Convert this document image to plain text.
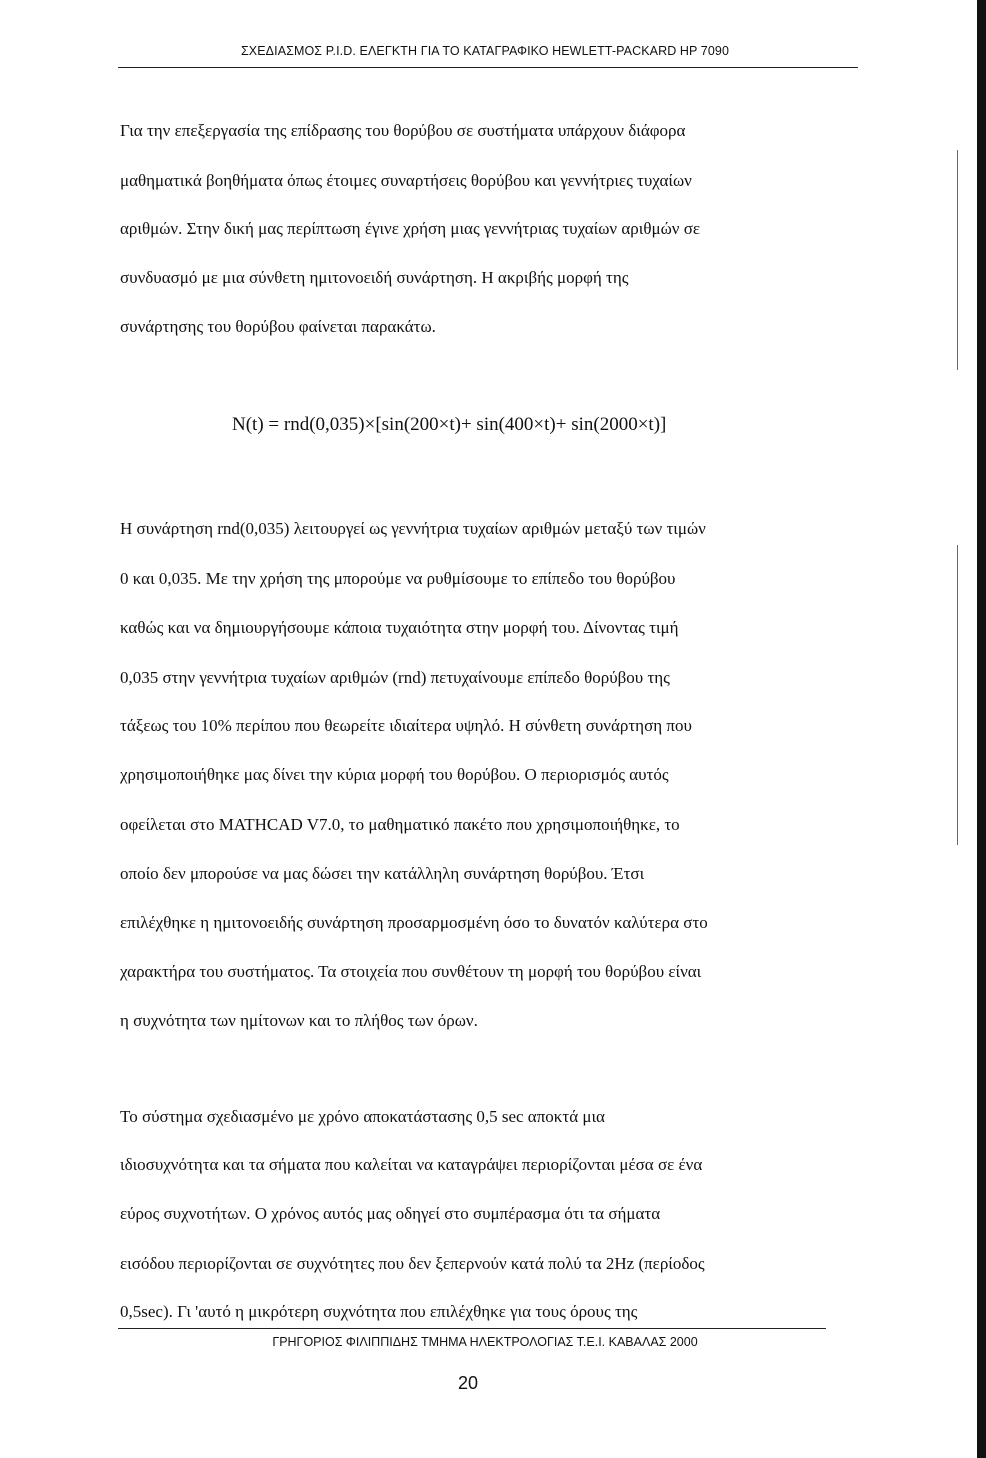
ΣΧΕΔΙΑΣΜΟΣ Ρ.Ι.D. ΕΛΕΓΚΤΗ ΓΙΑ ΤΟ ΚΑΤΑΓΡΑΦΙΚΟ HEWLETT-PACKARD HP 7090
Για την επεξεργασία της επίδρασης του θορύβου σε συστήματα υπάρχουν διάφορα
μαθηματικά βοηθήματα όπως έτοιμες συναρτήσεις θορύβου και γεννήτριες τυχαίων
αριθμών. Στην δική μας περίπτωση έγινε χρήση μιας γεννήτριας τυχαίων αριθμών σε
συνδυασμό με μια σύνθετη ημιτονοειδή συνάρτηση. Η ακριβής μορφή της
συνάρτησης του θορύβου φαίνεται παρακάτω.
N(t) = rnd(0,035)×[sin(200×t)+ sin(400×t)+ sin(2000×t)]
Η συνάρτηση rnd(0,035) λειτουργεί ως γεννήτρια τυχαίων αριθμών μεταξύ των τιμών
0 και 0,035. Με την χρήση της μπορούμε να ρυθμίσουμε το επίπεδο του θορύβου
καθώς και να δημιουργήσουμε κάποια τυχαιότητα στην μορφή του. Δίνοντας τιμή
0,035 στην γεννήτρια τυχαίων αριθμών (rnd) πετυχαίνουμε επίπεδο θορύβου της
τάξεως του 10% περίπου που θεωρείτε ιδιαίτερα υψηλό. Η σύνθετη συνάρτηση που
χρησιμοποιήθηκε μας δίνει την κύρια μορφή του θορύβου. Ο περιορισμός αυτός
οφείλεται στο MATHCAD V7.0, το μαθηματικό πακέτο που χρησιμοποιήθηκε, το
οποίο δεν μπορούσε να μας δώσει την κατάλληλη συνάρτηση θορύβου. Έτσι
επιλέχθηκε η ημιτονοειδής συνάρτηση προσαρμοσμένη όσο το δυνατόν καλύτερα στο
χαρακτήρα του συστήματος. Τα στοιχεία που συνθέτουν τη μορφή του θορύβου είναι
η συχνότητα των ημίτονων και το πλήθος των όρων.
Το σύστημα σχεδιασμένο με χρόνο αποκατάστασης 0,5 sec αποκτά μια
ιδιοσυχνότητα και τα σήματα που καλείται να καταγράψει περιορίζονται μέσα σε ένα
εύρος συχνοτήτων. Ο χρόνος αυτός μας οδηγεί στο συμπέρασμα ότι τα σήματα
εισόδου περιορίζονται σε συχνότητες που δεν ξεπερνούν κατά πολύ τα 2Hz (περίοδος
0,5sec). Γι 'αυτό η μικρότερη συχνότητα που επιλέχθηκε για τους όρους της
ΓΡΗΓΟΡΙΟΣ ΦΙΛΙΠΠΙΔΗΣ ΤΜΗΜΑ ΗΛΕΚΤΡΟΛΟΓΙΑΣ Τ.Ε.Ι. ΚΑΒΑΛΑΣ 2000
20
